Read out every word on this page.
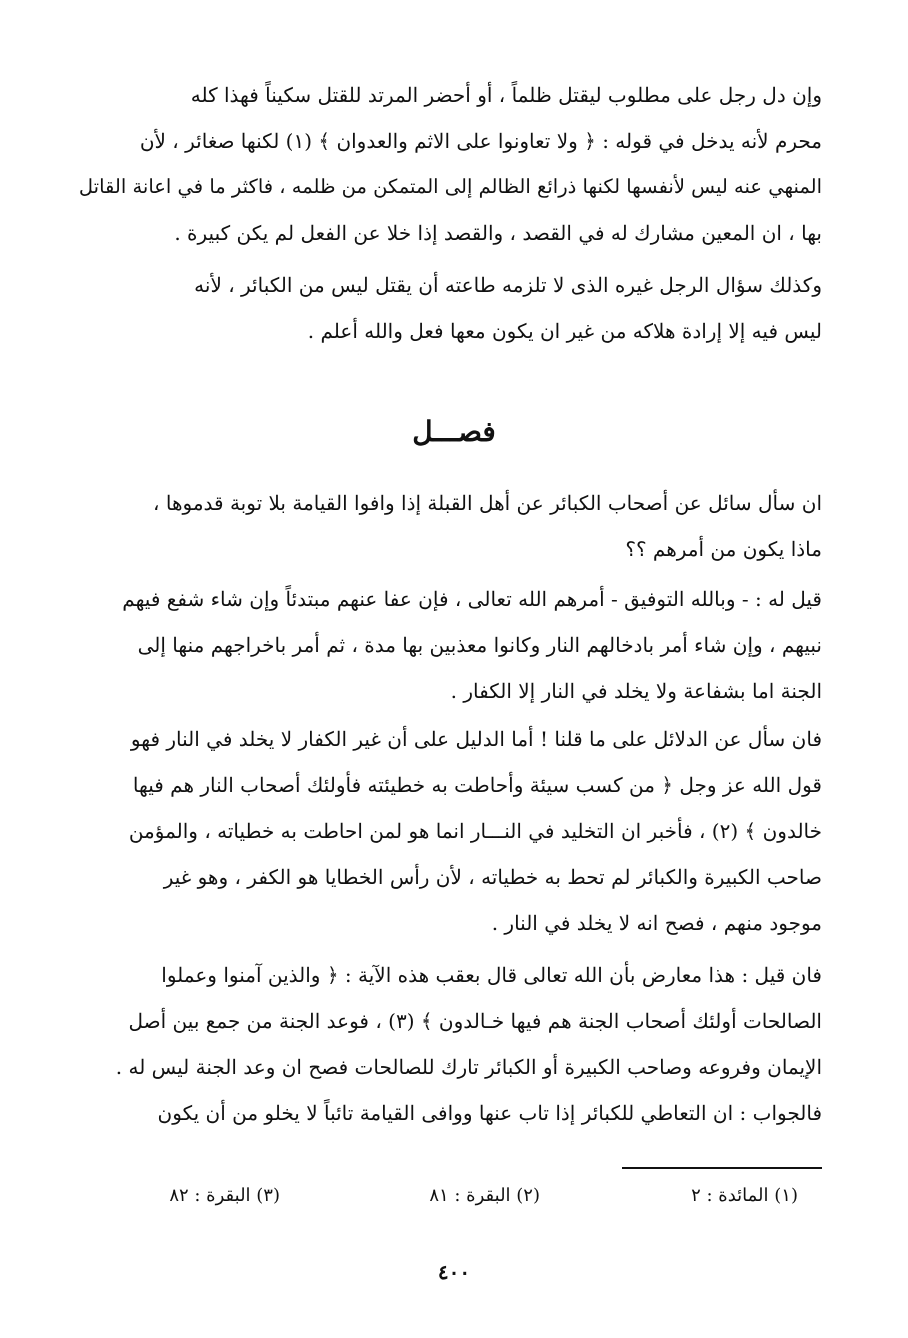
وإن دل رجل على مطلوب ليقتل ظلماً ، أو أحضر المرتد للقتل سكيناً فهذا كله
محرم لأنه يدخل في قوله : ﴿ ولا تعاونوا على الاثم والعدوان ﴾ (١) لكنها صغائر ، لأن
المنهي عنه ليس لأنفسها لكنها ذرائع الظالم إلى المتمكن من ظلمه ، فاكثر ما في اعانة القاتل
بها ، ان المعين مشارك له في القصد ، والقصد إذا خلا عن الفعل لم يكن كبيرة .
وكذلك سؤال الرجل غيره الذى لا تلزمه طاعته أن يقتل ليس من الكبائر ، لأنه
ليس فيه إلا إرادة هلاكه من غير ان يكون معها فعل والله أعلم .
فصـــل
ان سأل سائل عن أصحاب الكبائر عن أهل القبلة إذا وافوا القيامة بلا توبة قدموها ،
ماذا يكون من أمرهم ؟؟
قيل له : - وبالله التوفيق - أمرهم الله تعالى ، فإن عفا عنهم مبتدئاً وإن شاء شفع فيهم
نبيهم ، وإن شاء أمر بادخالهم النار وكانوا معذبين بها مدة ، ثم أمر باخراجهم منها إلى
الجنة اما بشفاعة ولا يخلد في النار إلا الكفار .
فان سأل عن الدلائل على ما قلنا ! أما الدليل على أن غير الكفار لا يخلد في النار فهو
قول الله عز وجل ﴿ من كسب سيئة وأحاطت به خطيئته فأولئك أصحاب النار هم فيها
خالدون ﴾ (٢) ، فأخبر ان التخليد في النـــار انما هو لمن احاطت به خطياته ، والمؤمن
صاحب الكبيرة والكبائر لم تحط به خطياته ، لأن رأس الخطايا هو الكفر ، وهو غير
موجود منهم ، فصح انه لا يخلد في النار .
فان قيل : هذا معارض بأن الله تعالى قال بعقب هذه الآية : ﴿ والذين آمنوا وعملوا
الصالحات أولئك أصحاب الجنة هم فيها خـالدون ﴾ (٣) ، فوعد الجنة من جمع بين أصل
الإيمان وفروعه وصاحب الكبيرة أو الكبائر تارك للصالحات فصح ان وعد الجنة ليس له .
فالجواب : ان التعاطي للكبائر إذا تاب عنها ووافى القيامة تائباً لا يخلو من أن يكون
(١) المائدة : ٢
(٢) البقرة : ٨١
(٣) البقرة : ٨٢
٤٠٠
